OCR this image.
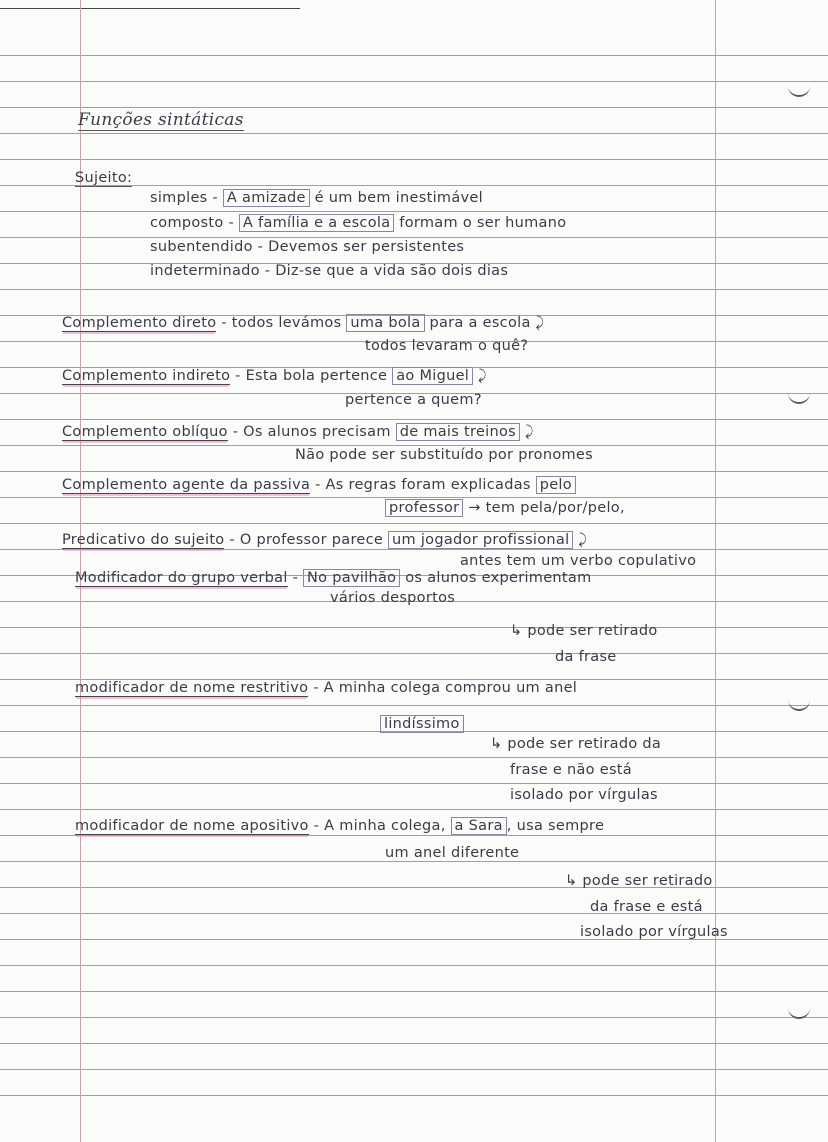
Funções sintáticas
Sujeito:
simples - A amizade é um bem inestimável
composto - A família e a escola formam o ser humano
subentendido - Devemos ser persistentes
indeterminado - Diz-se que a vida são dois dias
Complemento direto - todos levámos uma bola para a escola ⤸
todos levaram o quê?
Complemento indireto - Esta bola pertence ao Miguel ⤸
pertence a quem?
Complemento oblíquo - Os alunos precisam de mais treinos ⤸
Não pode ser substituído por pronomes
Complemento agente da passiva - As regras foram explicadas pelo
professor → tem pela/por/pelo,
Predicativo do sujeito - O professor parece um jogador profissional ⤸
antes tem um verbo copulativo
Modificador do grupo verbal - No pavilhão os alunos experimentam
vários desportos
↳ pode ser retirado
da frase
modificador de nome restritivo - A minha colega comprou um anel
lindíssimo
↳ pode ser retirado da
frase e não está
isolado por vírgulas
modificador de nome apositivo - A minha colega, a Sara , usa sempre
um anel diferente
↳ pode ser retirado
da frase e está
isolado por vírgulas
